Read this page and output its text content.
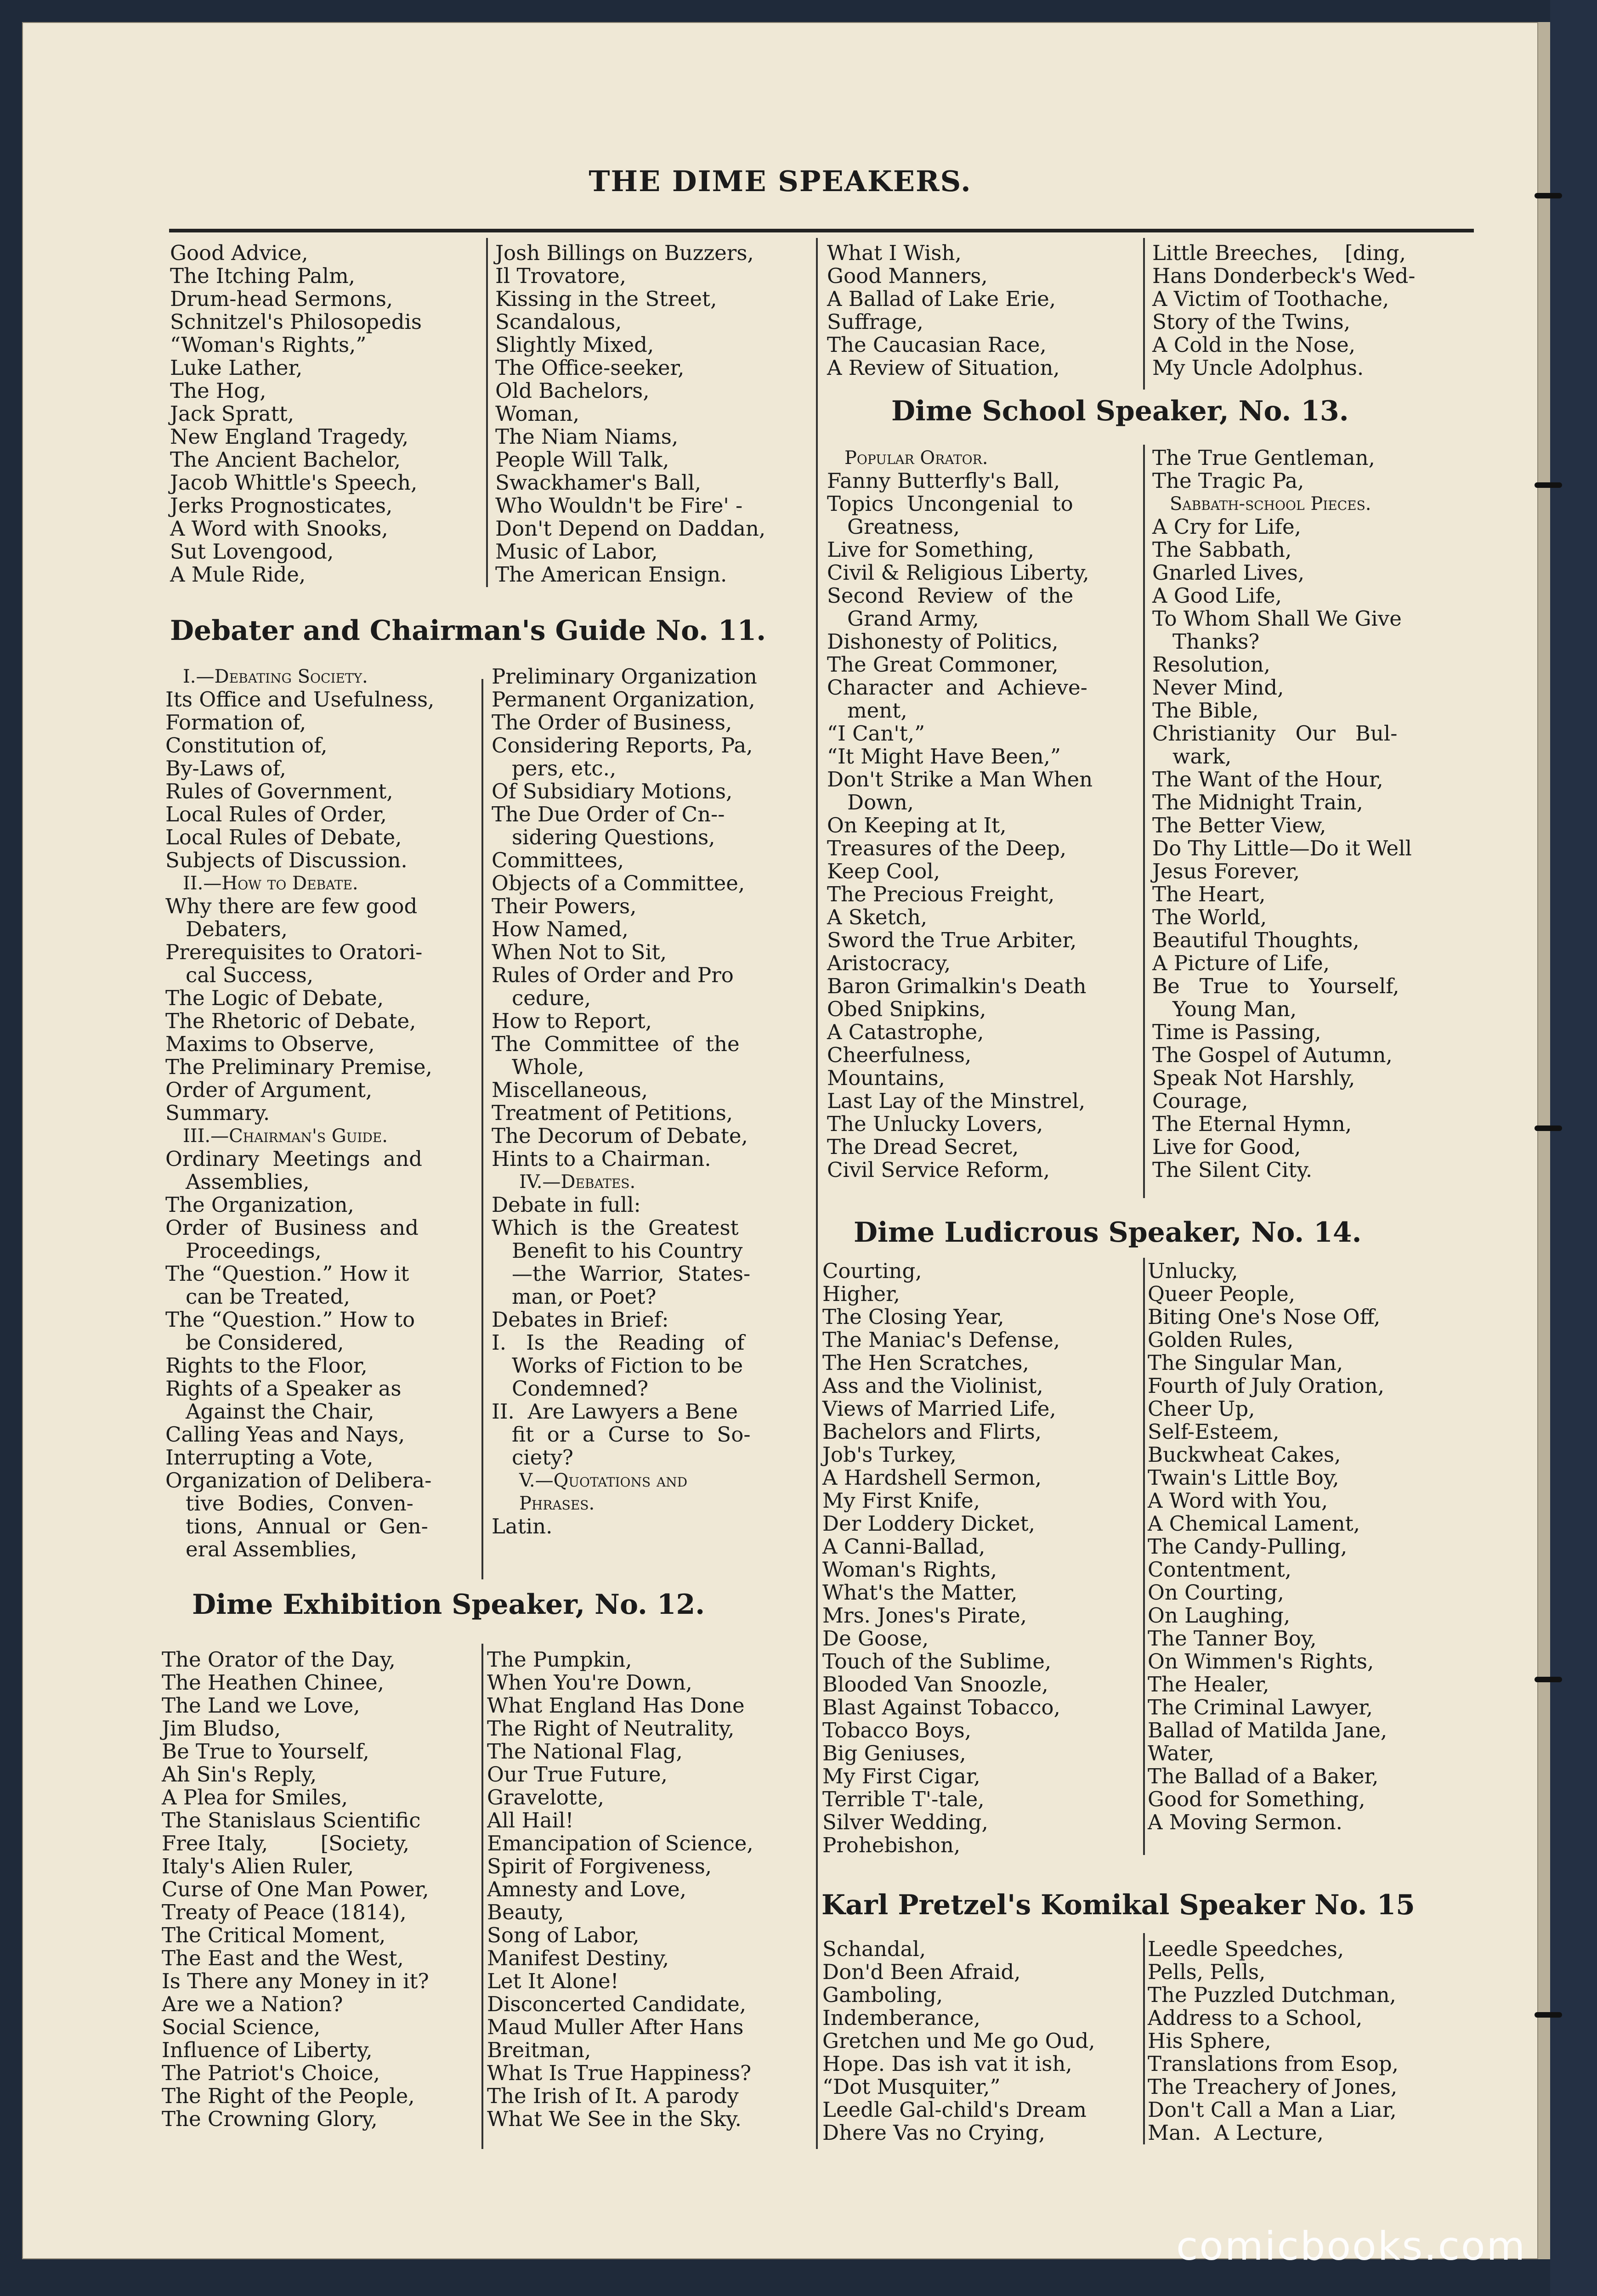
THE DIME SPEAKERS.
Good Advice,
The Itching Palm,
Drum-head Sermons,
Schnitzel's Philosopedis
“Woman's Rights,”
Luke Lather,
The Hog,
Jack Spratt,
New England Tragedy,
The Ancient Bachelor,
Jacob Whittle's Speech,
Jerks Prognosticates,
A Word with Snooks,
Sut Lovengood,
A Mule Ride,
Josh Billings on Buzzers,
Il Trovatore,
Kissing in the Street,
Scandalous,
Slightly Mixed,
The Office-seeker,
Old Bachelors,
Woman,
The Niam Niams,
People Will Talk,
Swackhamer's Ball,
Who Wouldn't be Fire' -
Don't Depend on Daddan,
Music of Labor,
The American Ensign.
What I Wish,
Good Manners,
A Ballad of Lake Erie,
Suffrage,
The Caucasian Race,
A Review of Situation,
Little Breeches,    [ding,
Hans Donderbeck's Wed-
A Victim of Toothache,
Story of the Twins,
A Cold in the Nose,
My Uncle Adolphus.
Debater and Chairman's Guide No. 11.
I.—Debating Society.
Its Office and Usefulness,
Formation of,
Constitution of,
By-Laws of,
Rules of Government,
Local Rules of Order,
Local Rules of Debate,
Subjects of Discussion.
II.—How to Debate.
Why there are few good
Debaters,
Prerequisites to Oratori-
cal Success,
The Logic of Debate,
The Rhetoric of Debate,
Maxims to Observe,
The Preliminary Premise,
Order of Argument,
Summary.
III.—Chairman's Guide.
Ordinary  Meetings  and
Assemblies,
The Organization,
Order  of  Business  and
Proceedings,
The “Question.” How it
can be Treated,
The “Question.” How to
be Considered,
Rights to the Floor,
Rights of a Speaker as
Against the Chair,
Calling Yeas and Nays,
Interrupting a Vote,
Organization of Delibera-
tive  Bodies,  Conven-
tions,  Annual  or  Gen-
eral Assemblies,
Preliminary Organization
Permanent Organization,
The Order of Business,
Considering Reports, Pa,
pers, etc.,
Of Subsidiary Motions,
The Due Order of Cn--
sidering Questions,
Committees,
Objects of a Committee,
Their Powers,
How Named,
When Not to Sit,
Rules of Order and Pro
cedure,
How to Report,
The  Committee  of  the
Whole,
Miscellaneous,
Treatment of Petitions,
The Decorum of Debate,
Hints to a Chairman.
IV.—Debates.
Debate in full:
Which  is  the  Greatest
Benefit to his Country
—the  Warrior,  States-
man, or Poet?
Debates in Brief:
I.   Is   the   Reading   of
Works of Fiction to be
Condemned?
II.  Are Lawyers a Bene
fit  or  a  Curse  to  So-
ciety?
V.—Quotations and
Phrases.
Latin.
Dime Exhibition Speaker, No. 12.
The Orator of the Day,
The Heathen Chinee,
The Land we Love,
Jim Bludso,
Be True to Yourself,
Ah Sin's Reply,
A Plea for Smiles,
The Stanislaus Scientific
Free Italy,        [Society,
Italy's Alien Ruler,
Curse of One Man Power,
Treaty of Peace (1814),
The Critical Moment,
The East and the West,
Is There any Money in it?
Are we a Nation?
Social Science,
Influence of Liberty,
The Patriot's Choice,
The Right of the People,
The Crowning Glory,
The Pumpkin,
When You're Down,
What England Has Done
The Right of Neutrality,
The National Flag,
Our True Future,
Gravelotte,
All Hail!
Emancipation of Science,
Spirit of Forgiveness,
Amnesty and Love,
Beauty,
Song of Labor,
Manifest Destiny,
Let It Alone!
Disconcerted Candidate,
Maud Muller After Hans
Breitman,
What Is True Happiness?
The Irish of It. A parody
What We See in the Sky.
Dime School Speaker, No. 13.
Popular Orator.
Fanny Butterfly's Ball,
Topics  Uncongenial  to
Greatness,
Live for Something,
Civil & Religious Liberty,
Second  Review  of  the
Grand Army,
Dishonesty of Politics,
The Great Commoner,
Character  and  Achieve-
ment,
“I Can't,”
“It Might Have Been,”
Don't Strike a Man When
Down,
On Keeping at It,
Treasures of the Deep,
Keep Cool,
The Precious Freight,
A Sketch,
Sword the True Arbiter,
Aristocracy,
Baron Grimalkin's Death
Obed Snipkins,
A Catastrophe,
Cheerfulness,
Mountains,
Last Lay of the Minstrel,
The Unlucky Lovers,
The Dread Secret,
Civil Service Reform,
The True Gentleman,
The Tragic Pa,
Sabbath-school Pieces.
A Cry for Life,
The Sabbath,
Gnarled Lives,
A Good Life,
To Whom Shall We Give
Thanks?
Resolution,
Never Mind,
The Bible,
Christianity   Our   Bul-
wark,
The Want of the Hour,
The Midnight Train,
The Better View,
Do Thy Little—Do it Well
Jesus Forever,
The Heart,
The World,
Beautiful Thoughts,
A Picture of Life,
Be   True   to   Yourself,
Young Man,
Time is Passing,
The Gospel of Autumn,
Speak Not Harshly,
Courage,
The Eternal Hymn,
Live for Good,
The Silent City.
Dime Ludicrous Speaker, No. 14.
Courting,
Higher,
The Closing Year,
The Maniac's Defense,
The Hen Scratches,
Ass and the Violinist,
Views of Married Life,
Bachelors and Flirts,
Job's Turkey,
A Hardshell Sermon,
My First Knife,
Der Loddery Dicket,
A Canni-Ballad,
Woman's Rights,
What's the Matter,
Mrs. Jones's Pirate,
De Goose,
Touch of the Sublime,
Blooded Van Snoozle,
Blast Against Tobacco,
Tobacco Boys,
Big Geniuses,
My First Cigar,
Terrible T'-tale,
Silver Wedding,
Prohebishon,
Unlucky,
Queer People,
Biting One's Nose Off,
Golden Rules,
The Singular Man,
Fourth of July Oration,
Cheer Up,
Self-Esteem,
Buckwheat Cakes,
Twain's Little Boy,
A Word with You,
A Chemical Lament,
The Candy-Pulling,
Contentment,
On Courting,
On Laughing,
The Tanner Boy,
On Wimmen's Rights,
The Healer,
The Criminal Lawyer,
Ballad of Matilda Jane,
Water,
The Ballad of a Baker,
Good for Something,
A Moving Sermon.
Karl Pretzel's Komikal Speaker No. 15
Schandal,
Don'd Been Afraid,
Gamboling,
Indemberance,
Gretchen und Me go Oud,
Hope. Das ish vat it ish,
“Dot Musquiter,”
Leedle Gal-child's Dream
Dhere Vas no Crying,
Leedle Speedches,
Pells, Pells,
The Puzzled Dutchman,
Address to a School,
His Sphere,
Translations from Esop,
The Treachery of Jones,
Don't Call a Man a Liar,
Man.  A Lecture,
comicbooks.com
